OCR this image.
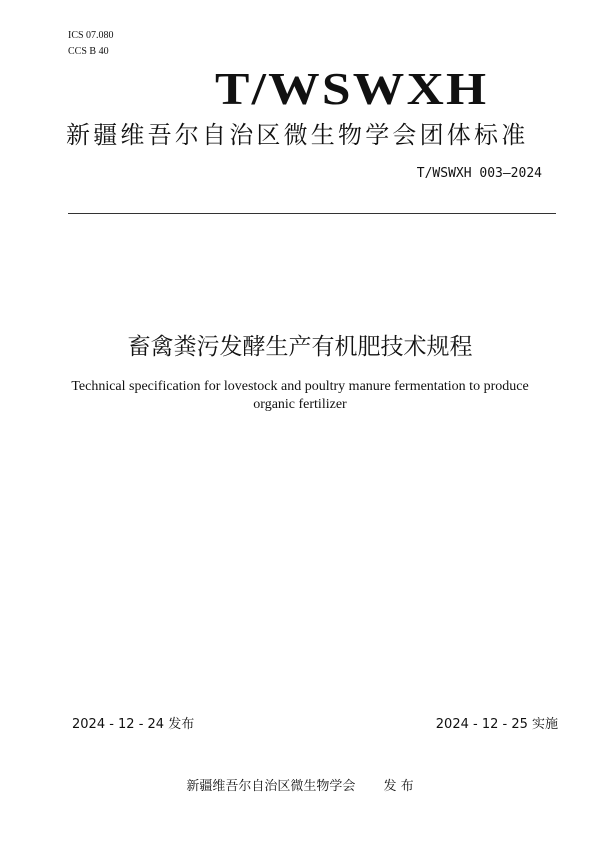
ICS 07.080
CCS B 40
T/WSWXH
新疆维吾尔自治区微生物学会团体标准
T/WSWXH 003—2024
畜禽粪污发酵生产有机肥技术规程
Technical specification for lovestock and poultry manure fermentation to produce
organic fertilizer
2024 - 12 - 24 发布	2024 - 12 - 25 实施
新疆维吾尔自治区微生物学会 发 布
